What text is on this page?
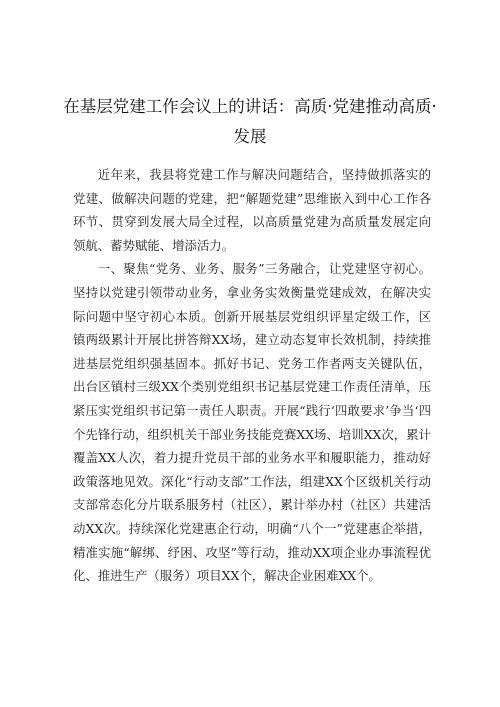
在基层党建工作会议上的讲话：高质·党建推动高质·发展

近年来，我县将党建工作与解决问题结合，坚持做抓落实的党建、做解决问题的党建，把“解题党建”思维嵌入到中心工作各环节、贯穿到发展大局全过程，以高质量党建为高质量发展定向领航、蓄势赋能、增添活力。

一、聚焦“党务、业务、服务”三务融合，让党建坚守初心。坚持以党建引领带动业务，拿业务实效衡量党建成效，在解决实际问题中坚守初心本质。创新开展基层党组织评星定级工作，区镇两级累计开展比拼答辩XX场，建立动态复审长效机制，持续推进基层党组织强基固本。抓好书记、党务工作者两支关键队伍，出台区镇村三级XX个类别党组织书记基层党建工作责任清单，压紧压实党组织书记第一责任人职责。开展“践行‘四敢要求’争当‘四个先锋行动，组织机关干部业务技能竞赛XX场、培训XX次，累计覆盖XX人次，着力提升党员干部的业务水平和履职能力，推动好政策落地见效。深化“行动支部”工作法，组建XX个区级机关行动支部常态化分片联系服务村（社区），累计举办村（社区）共建活动XX次。持续深化党建惠企行动，明确“八个一”党建惠企举措，精准实施“解绑、纾困、攻坚”等行动，推动XX项企业办事流程优化、推进生产（服务）项目XX个，解决企业困难XX个。
